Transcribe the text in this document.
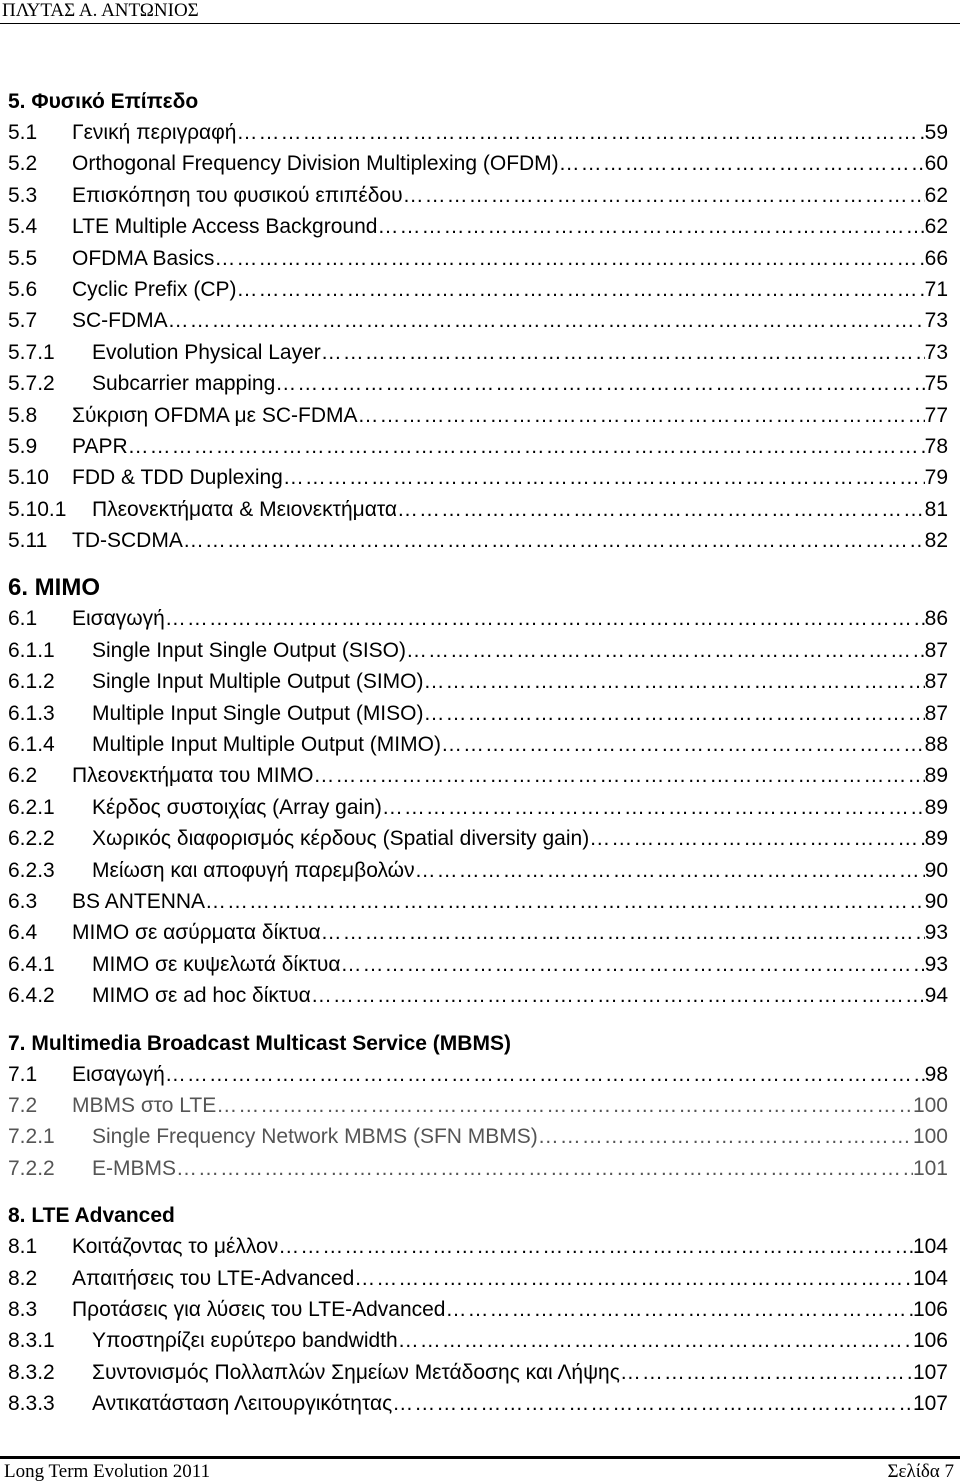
ΠΛΥΤΑΣ Α. ΑΝΤΩΝΙΟΣ
5. Φυσικό Επίπεδο
5.1	Γενική περιγραφή ………………………………………………………………………………………………………………………………………………………………………………………………………	59
5.2	Orthogonal Frequency Division Multiplexing (OFDM) ………………………………………………………………………………………………………………………………………………………………………………………………………	60
5.3	Επισκόπηση του φυσικού επιπέδου ………………………………………………………………………………………………………………………………………………………………………………………………………	62
5.4	LTE Multiple Access Background ………………………………………………………………………………………………………………………………………………………………………………………………………	62
5.5	OFDMA Basics ………………………………………………………………………………………………………………………………………………………………………………………………………	66
5.6	Cyclic Prefix (CP) ………………………………………………………………………………………………………………………………………………………………………………………………………	71
5.7	SC-FDMA ………………………………………………………………………………………………………………………………………………………………………………………………………	73
5.7.1	Evolution Physical Layer ………………………………………………………………………………………………………………………………………………………………………………………………………	73
5.7.2	Subcarrier mapping ………………………………………………………………………………………………………………………………………………………………………………………………………	75
5.8	Σύκριση OFDMA με SC-FDMA ………………………………………………………………………………………………………………………………………………………………………………………………………	77
5.9	PAPR ………………………………………………………………………………………………………………………………………………………………………………………………………	78
5.10	FDD & TDD Duplexing ………………………………………………………………………………………………………………………………………………………………………………………………………	79
5.10.1	Πλεονεκτήματα & Μειονεκτήματα ………………………………………………………………………………………………………………………………………………………………………………………………………	81
5.11	TD-SCDMA ………………………………………………………………………………………………………………………………………………………………………………………………………	82
6. MIMO
6.1	Εισαγωγή ………………………………………………………………………………………………………………………………………………………………………………………………………	86
6.1.1	Single Input Single Output (SISO) ………………………………………………………………………………………………………………………………………………………………………………………………………	87
6.1.2	Single Input Multiple Output (SIMO) ………………………………………………………………………………………………………………………………………………………………………………………………………	87
6.1.3	Multiple Input Single Output (MISO) ………………………………………………………………………………………………………………………………………………………………………………………………………	87
6.1.4	Multiple Input Multiple Output (MIMO) ………………………………………………………………………………………………………………………………………………………………………………………………………	88
6.2	Πλεονεκτήματα του ΜΙΜΟ ………………………………………………………………………………………………………………………………………………………………………………………………………	89
6.2.1	Κέρδος συστοιχίας (Array gain) ………………………………………………………………………………………………………………………………………………………………………………………………………	89
6.2.2	Χωρικός διαφορισμός κέρδους (Spatial diversity gain) ………………………………………………………………………………………………………………………………………………………………………………………………………	89
6.2.3	Μείωση και αποφυγή παρεμβολών ………………………………………………………………………………………………………………………………………………………………………………………………………	90
6.3	BS ANTENNA ………………………………………………………………………………………………………………………………………………………………………………………………………	90
6.4	ΜΙΜΟ σε ασύρματα δίκτυα ………………………………………………………………………………………………………………………………………………………………………………………………………	93
6.4.1	ΜΙΜΟ σε κυψελωτά δίκτυα ………………………………………………………………………………………………………………………………………………………………………………………………………	93
6.4.2	ΜΙΜΟ σε ad hoc δίκτυα ………………………………………………………………………………………………………………………………………………………………………………………………………	94
7. Multimedia Broadcast Multicast Service (MBMS)
7.1	Εισαγωγή ………………………………………………………………………………………………………………………………………………………………………………………………………	98
7.2	MBMS στο LTE ………………………………………………………………………………………………………………………………………………………………………………………………………	100
7.2.1	Single Frequency Network MBMS (SFN MBMS) ………………………………………………………………………………………………………………………………………………………………………………………………………	100
7.2.2	E-MBMS ………………………………………………………………………………………………………………………………………………………………………………………………………	101
8. LTE Advanced
8.1	Κοιτάζοντας το μέλλον ………………………………………………………………………………………………………………………………………………………………………………………………………	104
8.2	Απαιτήσεις του LTE-Advanced ………………………………………………………………………………………………………………………………………………………………………………………………………	104
8.3	Προτάσεις για λύσεις του LTE-Advanced ………………………………………………………………………………………………………………………………………………………………………………………………………	106
8.3.1	Υποστηρίζει ευρύτερο bandwidth ………………………………………………………………………………………………………………………………………………………………………………………………………	106
8.3.2	Συντονισμός Πολλαπλών Σημείων Μετάδοσης και Λήψης ………………………………………………………………………………………………………………………………………………………………………………………………………	107
8.3.3	Αντικατάσταση Λειτουργικότητας ………………………………………………………………………………………………………………………………………………………………………………………………………	107
Long Term Evolution 2011	Σελίδα 7
